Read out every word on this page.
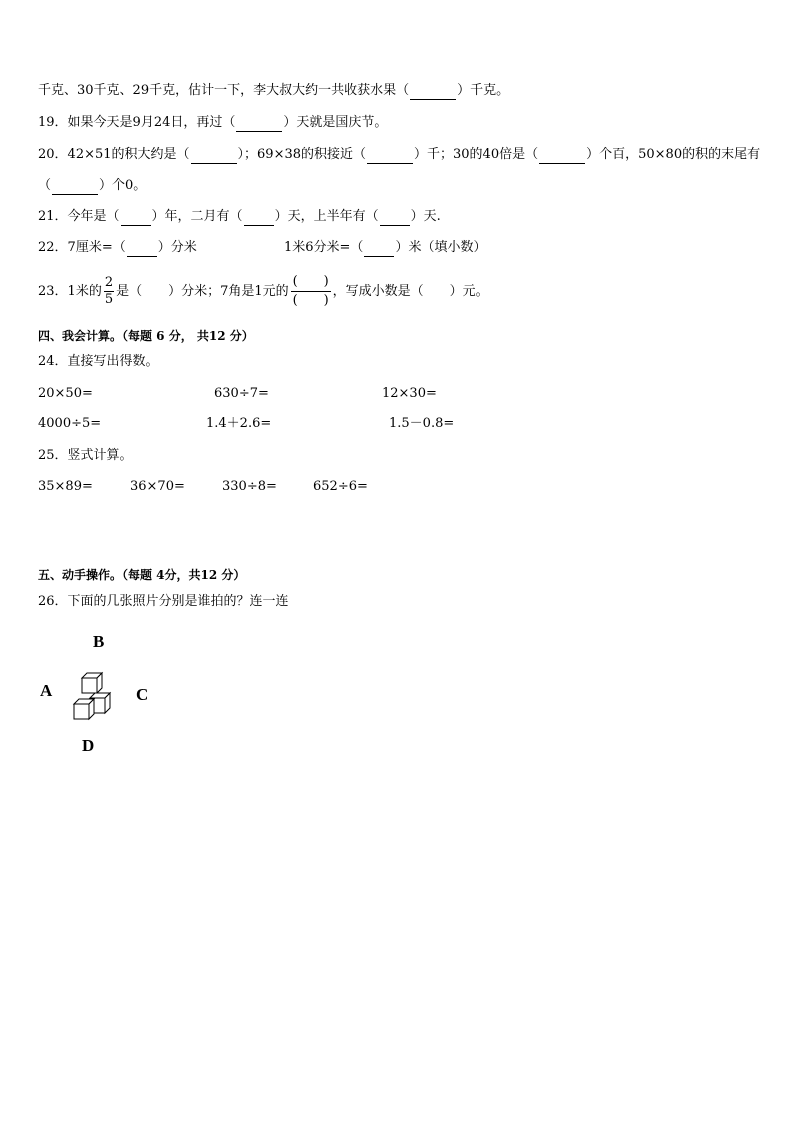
千克、30千克、29千克，估计一下，李大叔大约一共收获水果（	）千克。
19．如果今天是9月24日，再过（	）天就是国庆节。
20．42×51的积大约是（	）；69×38的积接近（	）千；30的40倍是（	）个百，50×80的积的末尾有
（	）个0。
21．今年是（ ）年，二月有（ ）天，上半年有（ ）天.
22．7厘米=（ ）分米	1米6分米=（ ）米（填小数）
23．1米的 $\frac{2}{5}$ 是（　　）分米；7角是1元的 $\frac{( )}{( )}$ ，写成小数是（　　）元。
四、我会计算。（每题 6 分， 共12 分）
24．直接写出得数。
20×50=	630÷7=	12×30=
4000÷5=	1.4＋2.6=	1.5－0.8=
25．竖式计算。
35×89=	36×70=	330÷8=	652÷6=
五、动手操作。（每题 4分，共12 分）
26．下面的几张照片分别是谁拍的？连一连
B
A	C
D
